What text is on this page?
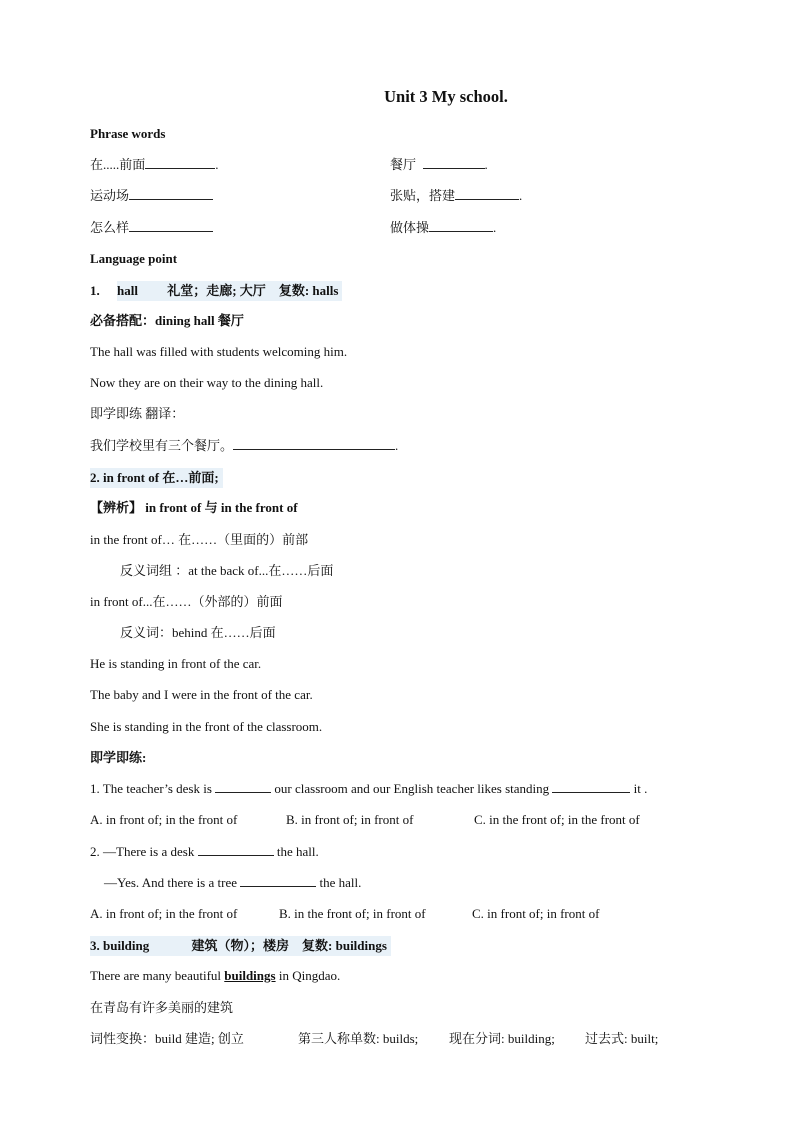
Unit 3 My school.
Phrase words
在.....前面	.	餐厅	.
运动场	张贴，搭建	.
怎么样	做体操	.
Language point
1. hall 礼堂；走廊; 大厅 复数: halls
必备搭配：dining hall 餐厅
The hall was filled with students welcoming him.
Now they are on their way to the dining hall.
即学即练 翻译：
我们学校里有三个餐厅。	.
2. in front of 在…前面;
【辨析】 in front of 与 in the front of
in the front of… 在……（里面的）前部
反义词组 ：at the back of...在……后面
in front of...在……（外部的）前面
反义词：behind 在……后面
He is standing in front of the car.
The baby and I were in the front of the car.
She is standing in the front of the classroom.
即学即练:
1. The teacher’s desk is	our classroom and our English teacher likes standing	it .
A. in front of; in the front of	B. in front of; in front of	C. in the front of; in the front of
2. —There is a desk	the hall.
—Yes. And there is a tree	the hall.
A. in front of; in the front of	B. in the front of; in front of	C. in front of; in front of
3. building	建筑（物）；楼房 复数: buildings
There are many beautiful buildings in Qingdao.
在青岛有许多美丽的建筑
词性变换：build 建造; 创立	第三人称单数: builds; 现在分词: building; 过去式: built;
